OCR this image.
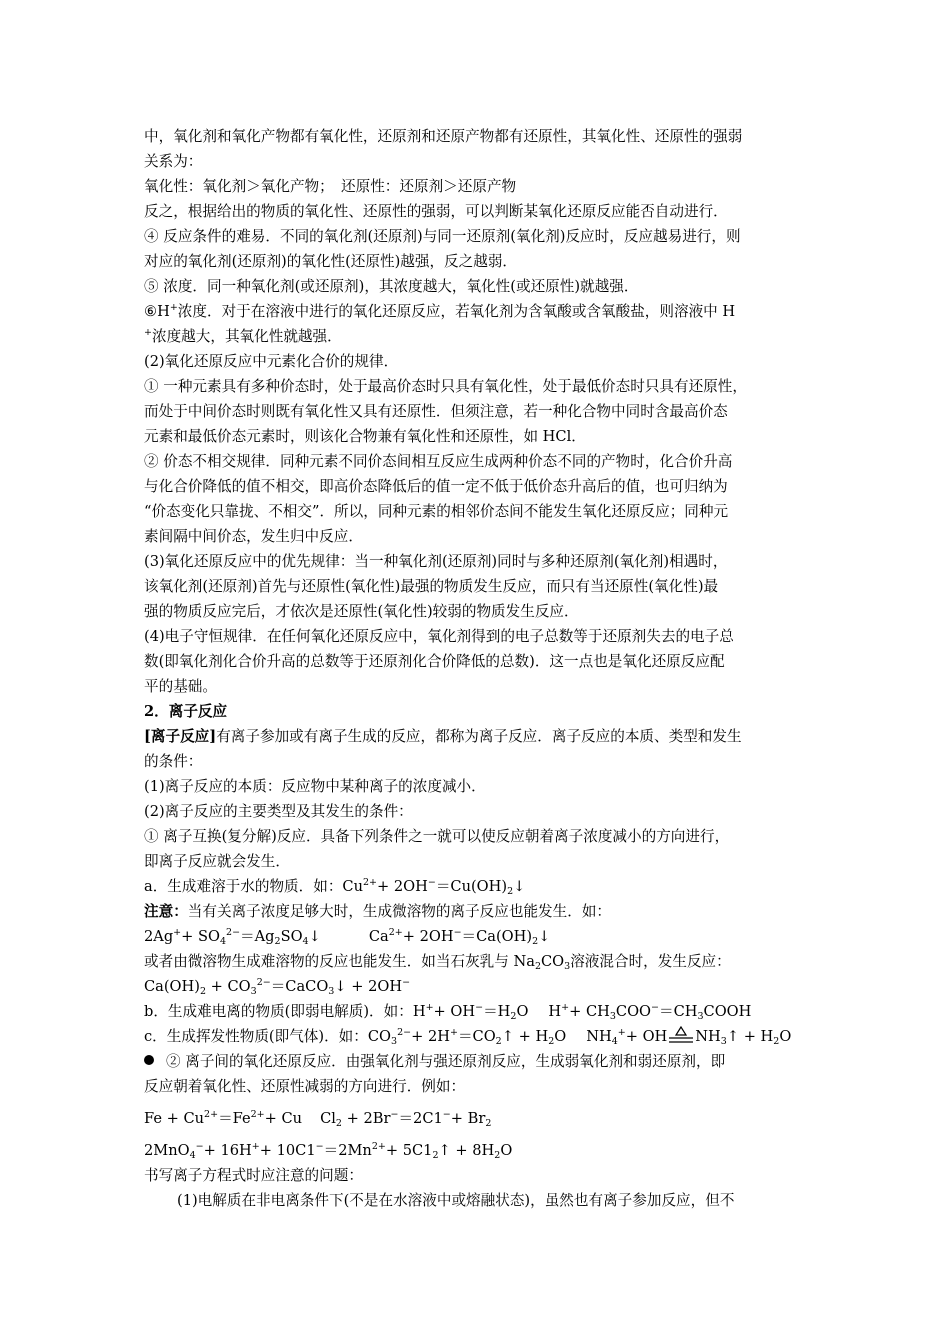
中，氧化剂和氧化产物都有氧化性，还原剂和还原产物都有还原性，其氧化性、还原性的强弱
关系为：
氧化性：氧化剂＞氧化产物；　还原性：还原剂＞还原产物
反之，根据给出的物质的氧化性、还原性的强弱，可以判断某氧化还原反应能否自动进行．
④ 反应条件的难易．不同的氧化剂(还原剂)与同一还原剂(氧化剂)反应时，反应越易进行，则
对应的氧化剂(还原剂)的氧化性(还原性)越强，反之越弱．
⑤ 浓度．同一种氧化剂(或还原剂)，其浓度越大，氧化性(或还原性)就越强．
⑥H+浓度．对于在溶液中进行的氧化还原反应，若氧化剂为含氧酸或含氧酸盐，则溶液中 H
+浓度越大，其氧化性就越强．
(2)氧化还原反应中元素化合价的规律．
① 一种元素具有多种价态时，处于最高价态时只具有氧化性，处于最低价态时只具有还原性，
而处于中间价态时则既有氧化性又具有还原性．但须注意，若一种化合物中同时含最高价态
元素和最低价态元素时，则该化合物兼有氧化性和还原性，如 HCl．
② 价态不相交规律．同种元素不同价态间相互反应生成两种价态不同的产物时，化合价升高
与化合价降低的值不相交，即高价态降低后的值一定不低于低价态升高后的值，也可归纳为
“价态变化只靠拢、不相交”．所以，同种元素的相邻价态间不能发生氧化还原反应；同种元
素间隔中间价态，发生归中反应．
(3)氧化还原反应中的优先规律：当一种氧化剂(还原剂)同时与多种还原剂(氧化剂)相遇时，
该氧化剂(还原剂)首先与还原性(氧化性)最强的物质发生反应，而只有当还原性(氧化性)最
强的物质反应完后，才依次是还原性(氧化性)较弱的物质发生反应．
(4)电子守恒规律．在任何氧化还原反应中，氧化剂得到的电子总数等于还原剂失去的电子总
数(即氧化剂化合价升高的总数等于还原剂化合价降低的总数)．这一点也是氧化还原反应配
平的基础。
2．离子反应
[离子反应]有离子参加或有离子生成的反应，都称为离子反应．离子反应的本质、类型和发生
的条件：
(1)离子反应的本质：反应物中某种离子的浓度减小．
(2)离子反应的主要类型及其发生的条件：
① 离子互换(复分解)反应．具备下列条件之一就可以使反应朝着离子浓度减小的方向进行，
即离子反应就会发生．
a．生成难溶于水的物质．如：$Cu^{2+}+$ $2OH^-=Cu(OH)_2↓$
注意：当有关离子浓度足够大时，生成微溶物的离子反应也能发生．如：
$2Ag^++ SO_4^{2-}=Ag_2SO_4↓$	$Ca^{2+}+$ $2OH^-=Ca(OH)_2↓$
或者由微溶物生成难溶物的反应也能发生．如当石灰乳与 $Na_2CO_3$溶液混合时，发生反应：
$Ca(OH)_2$ + $CO_3^{2-}=CaCO_3↓ + 2OH^-$
b．生成难电离的物质(即弱电解质)．如：$H^++ OH^-=H_2O$ $H^++ CH_3COO^-=CH_3COOH$
c．生成挥发性物质(即气体)．如：$CO_3^{2-}+$ $2H^+=CO_2↑ + H_2O$ $NH_4^++$ OH $NH_3↑ + H_2O$
② 离子间的氧化还原反应．由强氧化剂与强还原剂反应，生成弱氧化剂和弱还原剂，即
反应朝着氧化性、还原性减弱的方向进行．例如：
$Fe + Cu^{2+}=Fe^{2+}+ Cu$ $Cl_2 + 2Br^-=2C1^-+ Br_2$
$2MnO_4^-+ 16H^++ 10C1^-=2Mn^{2+}+$ $5C1_2↑ + 8H_2O$
书写离子方程式时应注意的问题：
(1)电解质在非电离条件下(不是在水溶液中或熔融状态)，虽然也有离子参加反应，但不
